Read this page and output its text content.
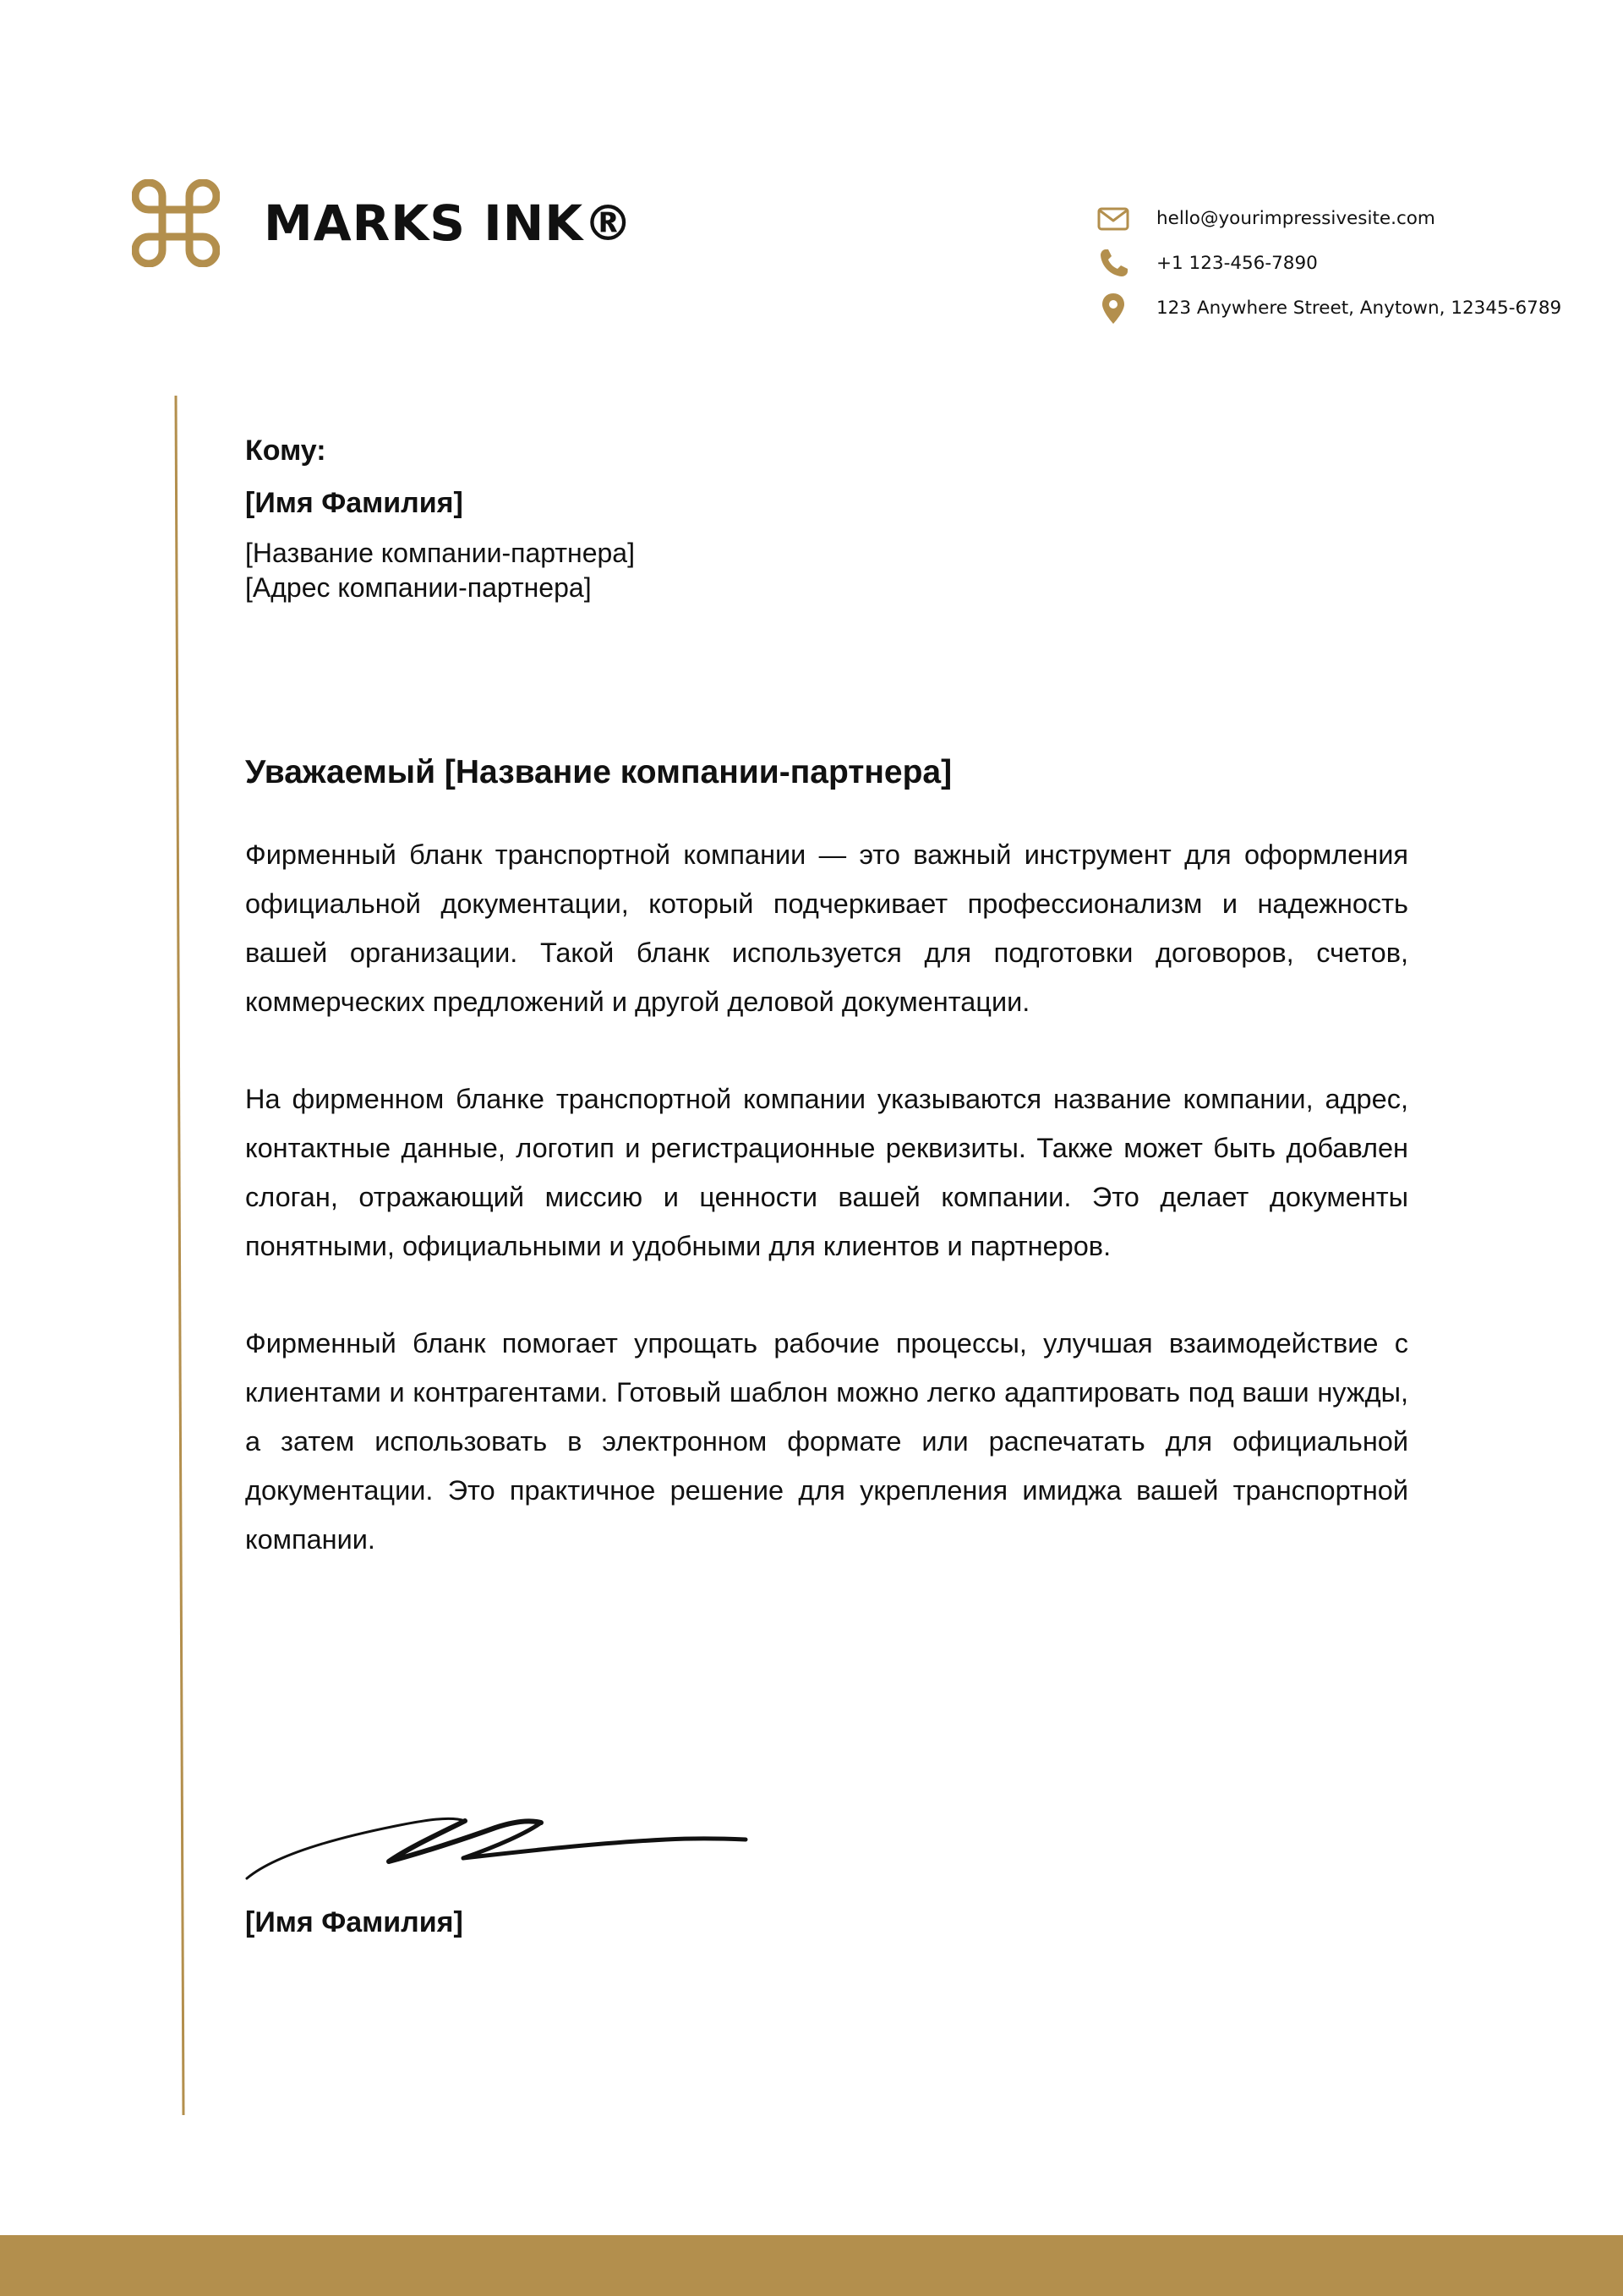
MARKS INK®	hello@yourimpressivesite.com
+1 123-456-7890
123 Anywhere Street, Anytown, 12345-6789

Кому:

[Имя Фамилия]

[Название компании-партнера]

[Адрес компании-партнера]

Уважаемый [Название компании-партнера]

Фирменный бланк транспортной компании — это важный инструмент для оформления официальной документации, который подчеркивает профессионализм и надежность вашей организации. Такой бланк используется для подготовки договоров, счетов, коммерческих предложений и другой деловой документации.

На фирменном бланке транспортной компании указываются название компании, адрес, контактные данные, логотип и регистрационные реквизиты. Также может быть добавлен слоган, отражающий миссию и ценности вашей компании. Это делает документы понятными, официальными и удобными для клиентов и партнеров.

Фирменный бланк помогает упрощать рабочие процессы, улучшая взаимодействие с клиентами и контрагентами. Готовый шаблон можно легко адаптировать под ваши нужды, а затем использовать в электронном формате или распечатать для официальной документации. Это практичное решение для укрепления имиджа вашей транспортной компании.

[Имя Фамилия]
